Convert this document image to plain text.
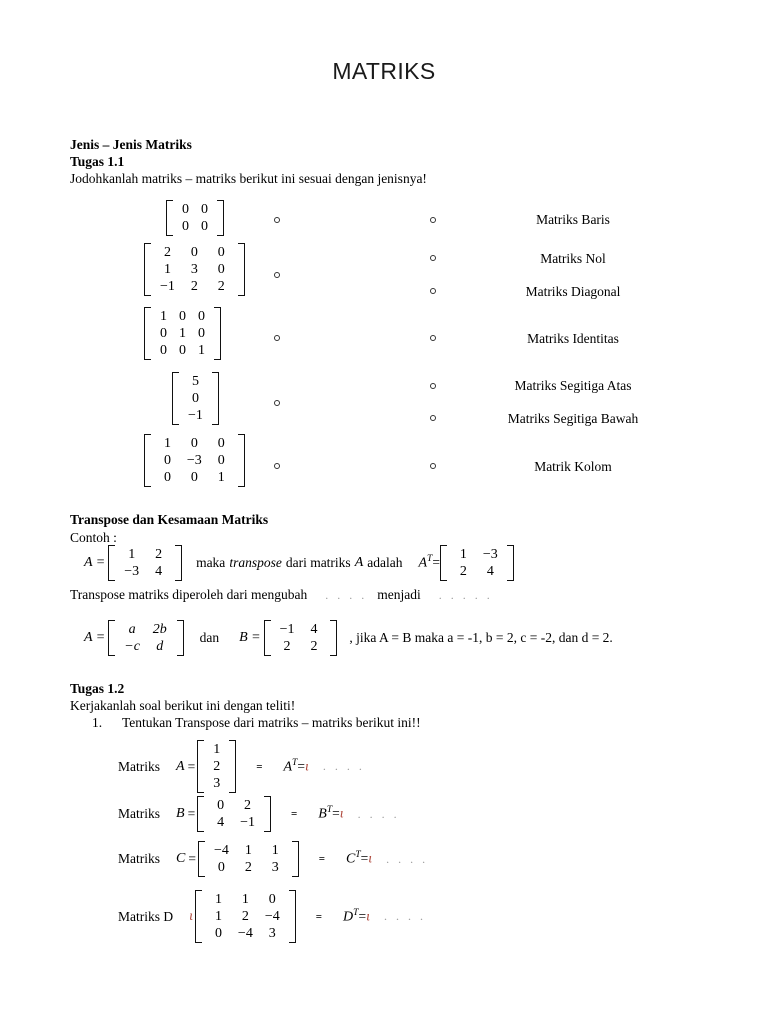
MATRIKS
Jenis – Jenis Matriks
Tugas 1.1
Jodohkanlah matriks – matriks berikut ini sesuai dengan jenisnya!
0 0
0 0
2	0	0
1	3	0
−1	2	2
1 0 0
0 1 0
0 0 1
5
0
−1
1	0	0
0	−3	0
0	0	1
Matriks Baris
Matriks Nol
Matriks Diagonal
Matriks Identitas
Matriks Segitiga Atas
Matriks Segitiga Bawah
Matrik Kolom
Transpose dan Kesamaan Matriks
Contoh :
A =
1	2
−3	4
maka transpose dari matriks A adalah $A^T=$
1	−3
2	4
Transpose matriks diperoleh dari mengubah . . . . menjadi . . . . .
A =
a	2b
−c	d
dan B =
−1	4
2	2
, jika A = B maka a = -1, b = 2, c = -2, dan d = 2.
Tugas 1.2
Kerjakanlah soal berikut ini dengan teliti!
1. Tentukan Transpose dari matriks – matriks berikut ini!!
Matriks A =
1
2
3
= $A^T=ɩ$ . . . .
Matriks B =
0	2
4	−1
= $B^T=ɩ$ . . . .
Matriks C =
−4	1	1
0	2	3
= $C^T=ɩ$ . . . .
Matriks D ɩ
1	1	0
1	2	−4
0	−4	3
= $D^T=ɩ$ . . . .
